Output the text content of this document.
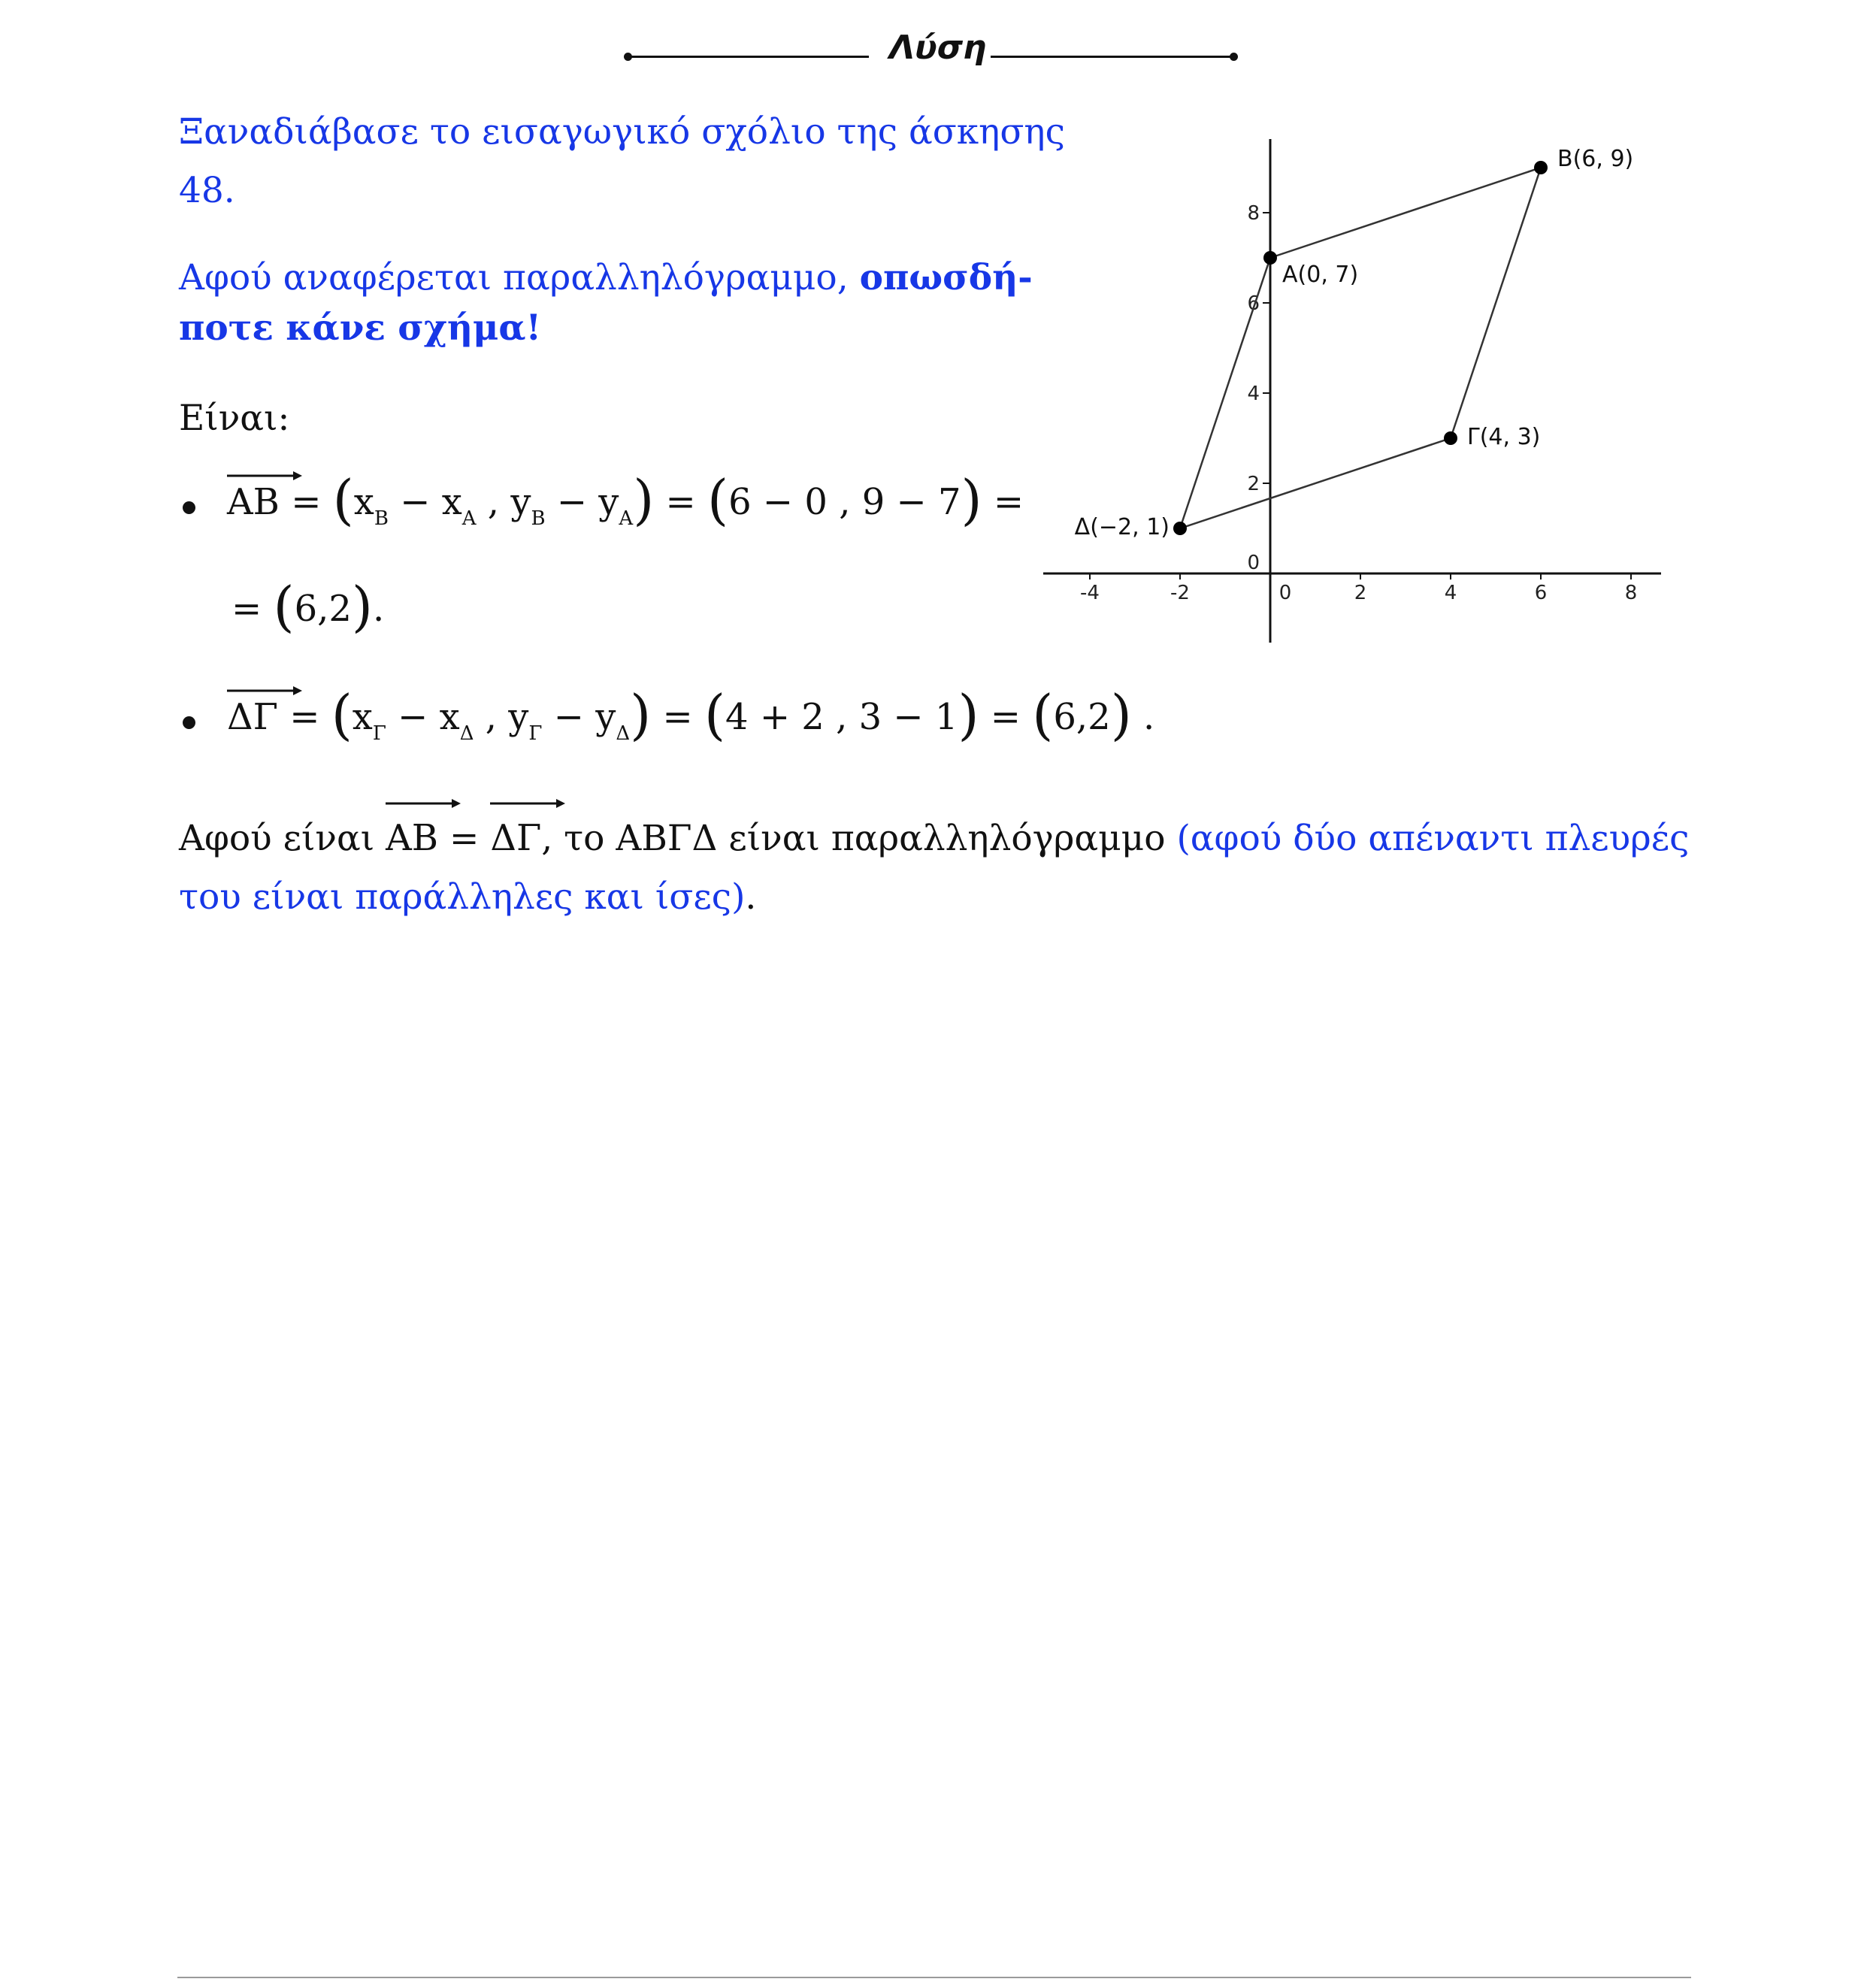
Λύση
Ξαναδιάβασε το εισαγωγικό σχόλιο της άσκησης
48.
Αφού αναφέρεται παραλληλόγραμμο, οπωσδή-
ποτε κάνε σχήμα!
Είναι:
AB = ($x_B - x_A$ , $y_B - y_A) = (6 - 0$ , 9 − 7) =
= (6,2).
$\Delta\Gamma = (x_\Gamma - x_\Delta$ , $y_\Gamma - y_\Delta) = (4 + 2$ , 3 − 1) = (6,2) .
Αφού είναι
AB =
ΔΓ, το ΑΒΓΔ είναι παραλληλόγραμμο (αφού δύο απέναντι πλευρές
του είναι παράλληλες και ίσες).
-4	-2	0	2	4	6	8
0
2
4
6
8
A(0, 7)
B(6, 9)
Γ(4, 3)
Δ(−2, 1)
